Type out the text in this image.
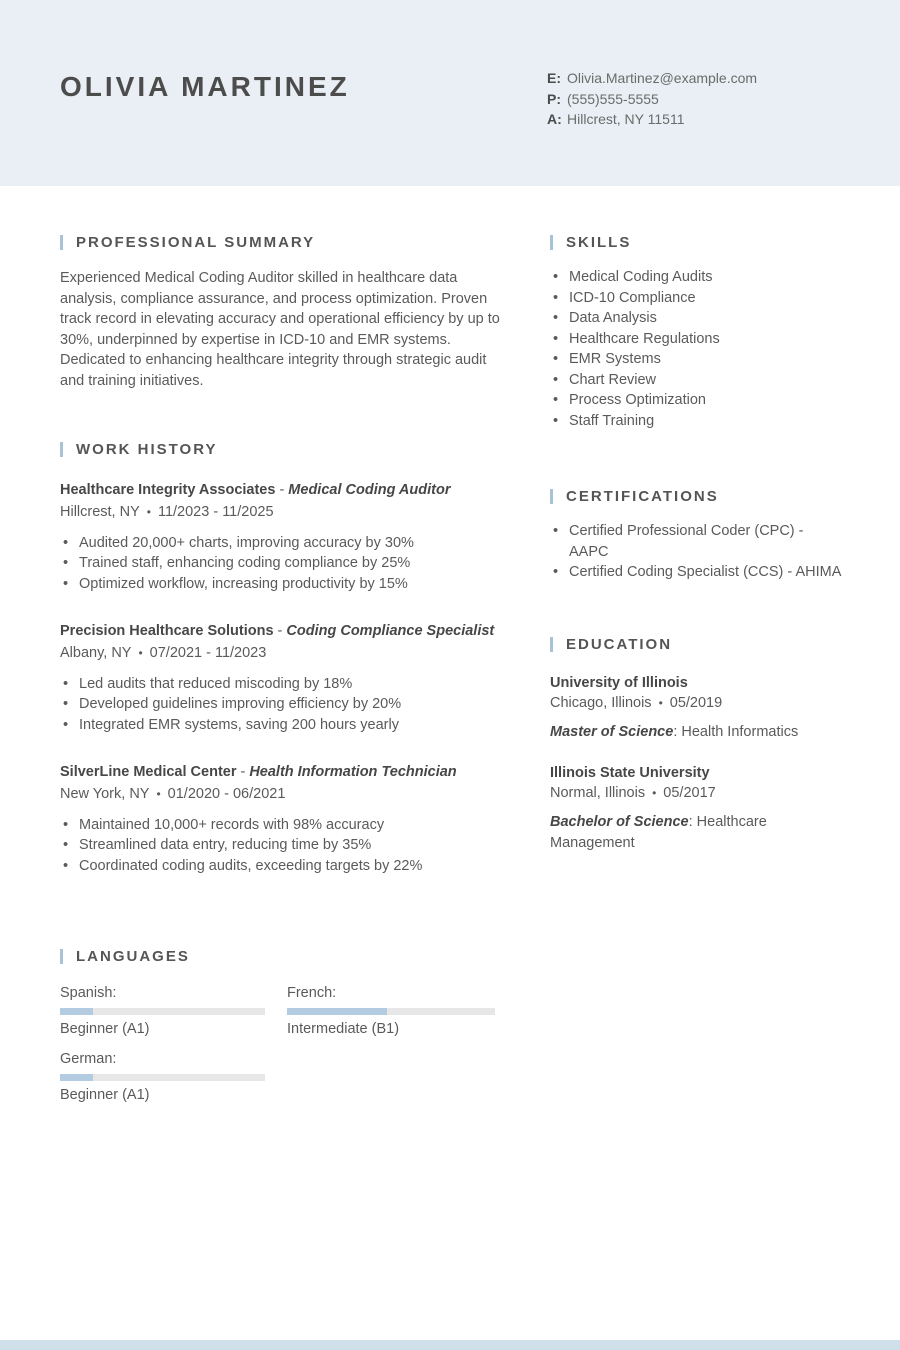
OLIVIA MARTINEZ	E: Olivia.Martinez@example.com
P: (555)555-5555
A: Hillcrest, NY 11511
PROFESSIONAL SUMMARY

Experienced Medical Coding Auditor skilled in healthcare data analysis, compliance assurance, and process optimization. Proven track record in elevating accuracy and operational efficiency by up to 30%, underpinned by expertise in ICD-10 and EMR systems. Dedicated to enhancing healthcare integrity through strategic audit and training initiatives.

WORK HISTORY
Healthcare Integrity Associates - Medical Coding Auditor
Hillcrest, NY • 11/2023 - 11/2025
• Audited 20,000+ charts, improving accuracy by 30%
• Trained staff, enhancing coding compliance by 25%
• Optimized workflow, increasing productivity by 15%
Precision Healthcare Solutions - Coding Compliance Specialist
Albany, NY • 07/2021 - 11/2023
• Led audits that reduced miscoding by 18%
• Developed guidelines improving efficiency by 20%
• Integrated EMR systems, saving 200 hours yearly
SilverLine Medical Center - Health Information Technician
New York, NY • 01/2020 - 06/2021
• Maintained 10,000+ records with 98% accuracy
• Streamlined data entry, reducing time by 35%
• Coordinated coding audits, exceeding targets by 22%
LANGUAGES
Spanish:
Beginner (A1)
French:
Intermediate (B1)
German:
Beginner (A1)
SKILLS
• Medical Coding Audits
• ICD-10 Compliance
• Data Analysis
• Healthcare Regulations
• EMR Systems
• Chart Review
• Process Optimization
• Staff Training
CERTIFICATIONS
• Certified Professional Coder (CPC) - AAPC
• Certified Coding Specialist (CCS) - AHIMA
EDUCATION
University of Illinois
Chicago, Illinois • 05/2019
Master of Science: Health Informatics
Illinois State University
Normal, Illinois • 05/2017
Bachelor of Science: Healthcare Management
